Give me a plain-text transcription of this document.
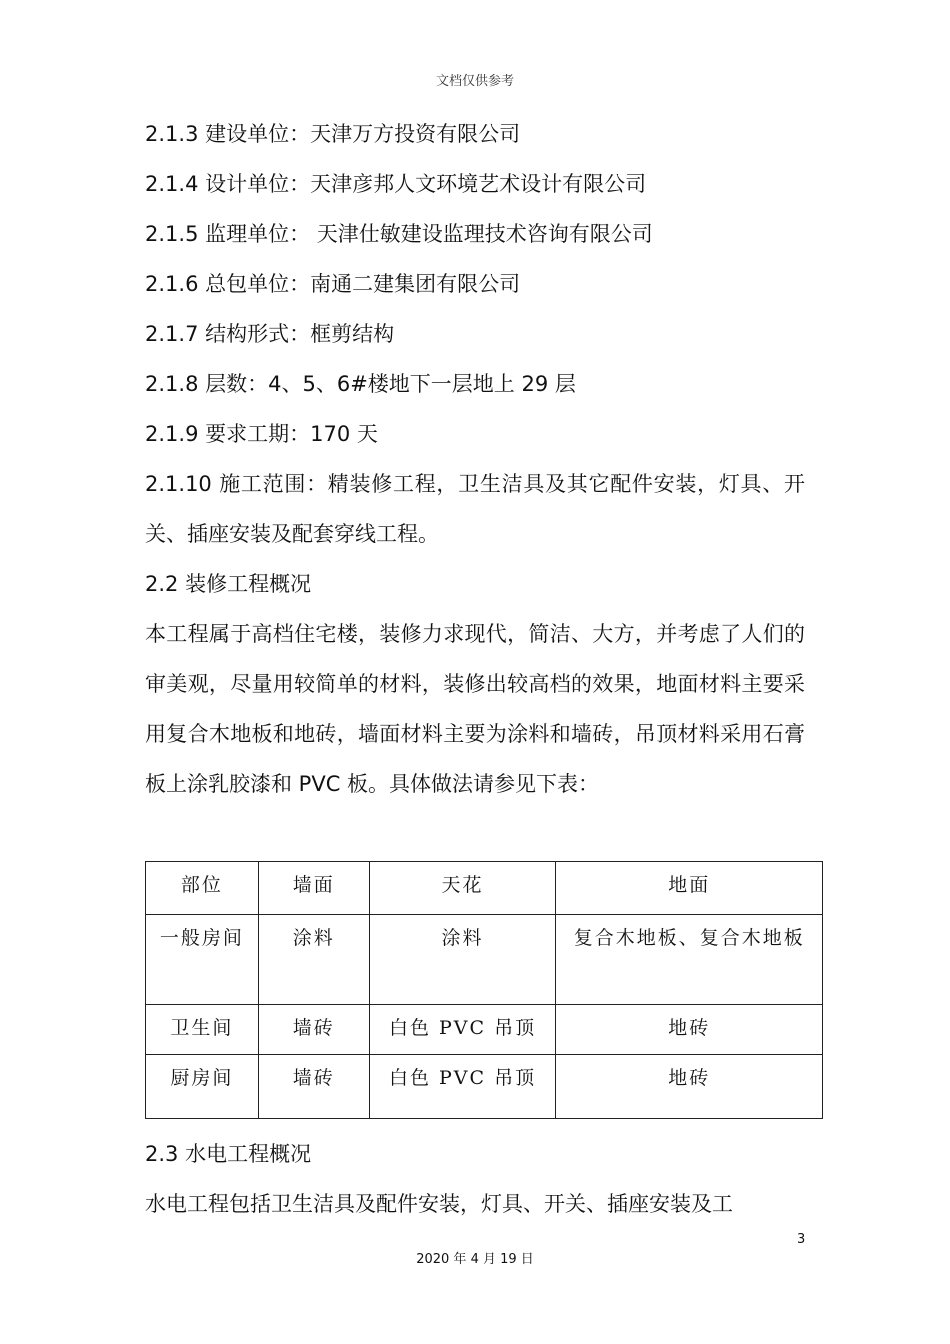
文档仅供参考
2.1.3 建设单位：天津万方投资有限公司
2.1.4 设计单位：天津彦邦人文环境艺术设计有限公司
2.1.5 监理单位： 天津仕敏建设监理技术咨询有限公司
2.1.6 总包单位：南通二建集团有限公司
2.1.7 结构形式：框剪结构
2.1.8 层数：4、5、6#楼地下一层地上 29 层
2.1.9 要求工期：170 天
2.1.10 施工范围：精装修工程，卫生洁具及其它配件安装，灯具、开关、插座安装及配套穿线工程。
2.2 装修工程概况
本工程属于高档住宅楼，装修力求现代，简洁、大方，并考虑了人们的审美观，尽量用较简单的材料，装修出较高档的效果，地面材料主要采用复合木地板和地砖，墙面材料主要为涂料和墙砖，吊顶材料采用石膏板上涂乳胶漆和 PVC 板。具体做法请参见下表：
部位	墙面	天花	地面
一般房间	涂料	涂料	复合木地板、复合木地板
卫生间	墙砖	白色 PVC 吊顶	地砖
厨房间	墙砖	白色 PVC 吊顶	地砖
2.3 水电工程概况
水电工程包括卫生洁具及配件安装，灯具、开关、插座安装及工
3
2020 年 4 月 19 日
